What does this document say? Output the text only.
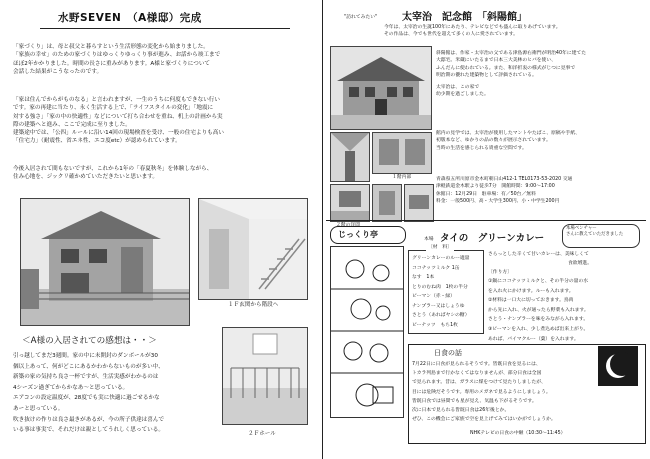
水野SEVEN　（A様邸）完成
「家づくり」は、母と叔父と暮らすという生活形態の変化から始まりました。
「家族の幸せ」のための家づくりはゆっくりゆっくり事が進み、お話から竣工まで
ほぼ2年かかりました。時間の長さに重みがあります。A様と家づくりについて
会話した結果がこうなったのです。
「家は住んでからがものなる」と言われますが、一生のうちに何度もできない行い
です。家の再建に当たり、永く生活する上で、「ライフスタイルの変化」「地震に
対する強さ」「家の中の快適性」などについて打ち合わせを重ね、机上の計画から実
際の建築へと進み、ここで完成に至りました。
建築途中では、「公四」ルールに沿い14回の現場検査を受け、一般の住宅よりも高い
「住宅力」（耐震性、省エネ性、エコ度etc）が認められています。
今後入居されて間もないですが、これから1年の「春夏秋冬」を体験しながら、
住み心地を、ジックリ確かめていただきたいと思います。
１Ｆ玄関から階段へ
＜A様の入居されての感想は・・＞
引っ越してまだ3週間。家の中に未開封のダンボールが30
個以上あって、何がどこにあるかわからないものが多い中、
新築の家の気持ち良さ一杯ですが、生活実感がわかるのは
4シーズン過ぎてからかなあ～と思っている。
エアコンの設定温度が、28度でも実に快適に過ごせるかな
あーと思っている。
吹き抜けの作りは良さ最きがあるが、今の所子供達は喜んで
いる事は事実で、それだけは親としてうれしく思っている。
２Ｆホール
"訪れてみたい" 太宰治　記念館　「斜陽館」
今年は、太宰治の生誕100年にあたり、テレビなどでも盛んに取りあげています。
その作品は、今でも世代を超えて多くの人に愛されています。
斜陽館は、作家・太宰治の父である津島源右衛門が明治40年に建てた
大邸宅。米蔵にいたるまで日本三大美林のヒバを使い、
ふんだんに使われている。また、和洋折衷の様式がじつに見事で
明治期の優れた建築物として評価されている。
太宰治は、この家で
幼少期を過ごしました。
１階内部
館内の見学では、太宰治が使用したマントやたばこ、原稿や手紙、
初版本など、ゆかりの品の数々が展示されています。
当時の生活を感じられる貴重な空間です。
２階の洋間
青森県五所川原市金木町朝日山412-1 TEL0173-53-2020 交通
津軽鉄道金木駅より徒歩7分　開館時間：9:00～17:00
休館日：12月29日　駐車場：有／50台／無料
料金：一般500円、高・大学生300円、小・中学生200円
じっくり亭
本場 タイの　グリーンカレー
本場ベンチャー
さんに教えていただきました
〔材　料〕
グリーンカレーのルー適量
ココナッツミルク 1缶
なす　1本
とりのむね肉　1枚の半分
ピーマン（赤・緑）
ナンプラー又はしょうゆ
さとう（あればヤシの糖）
ピーナッツ　もち1枚
さらっとした辛くて甘いカレーは、美味しくて
食欲増進。
〔作り方〕
①鍋にココナッツミルクと、その半分の量の水
を入れ火にかけます。ルーも入れます。
②材料は一口大に切っておきます。鳥肉
から先に入れ、火が通ったら野菜も入れます。
さとう・ナンプラーを味をみながら入れます。
③ピーマンを入れ、少し煮込めば出来上がり。
あれば、バイマクルー（葉）を入れます。
日食の話
7月22日に日食が見られるそうです。皆既日食を見るには、
トカラ列島まで行かなくてはなりませんが、部分日食は全国
で見られます。昔は、ガラスに煤をつけて見たりしましたが、
目には危険だそうです。専用のメガネで見るようにしましょう。
皆既日食では昼間でも星が見え、気温も下がるそうです。
次に日本で見られる皆既日食は26年後とか。
ぜひ、この機会にご家族で空を見上げてみてはいかがでしょうか。
NHKテレビの日食の中継（10:30～11:45）
